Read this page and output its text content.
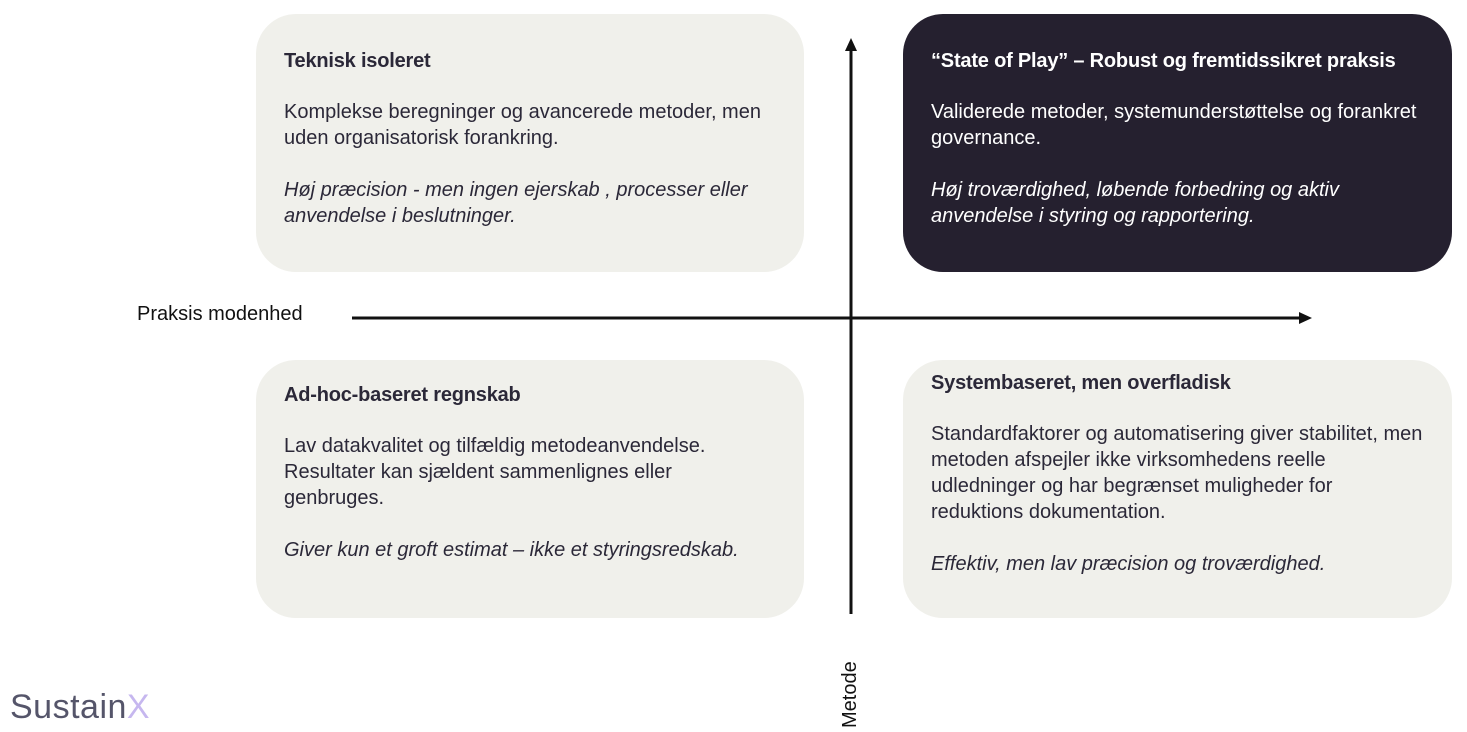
Teknisk isoleret

Komplekse beregninger og avancerede metoder, men uden organisatorisk forankring.

Høj præcision - men ingen ejerskab , processer eller anvendelse i beslutninger.

“State of Play” – Robust og fremtidssikret praksis

Validerede metoder, systemunderstøttelse og forankret governance.

Høj troværdighed, løbende forbedring og aktiv anvendelse i styring og rapportering.

Ad-hoc-baseret regnskab

Lav datakvalitet og tilfældig metodeanvendelse. Resultater kan sjældent sammenlignes eller genbruges.

Giver kun et groft estimat – ikke et styringsredskab.

Systembaseret, men overfladisk

Standardfaktorer og automatisering giver stabilitet, men metoden afspejler ikke virksomhedens reelle udledninger og har begrænset muligheder for reduktions dokumentation.

Effektiv, men lav præcision og troværdighed.

Praksis modenhed
Metode
SustainX
